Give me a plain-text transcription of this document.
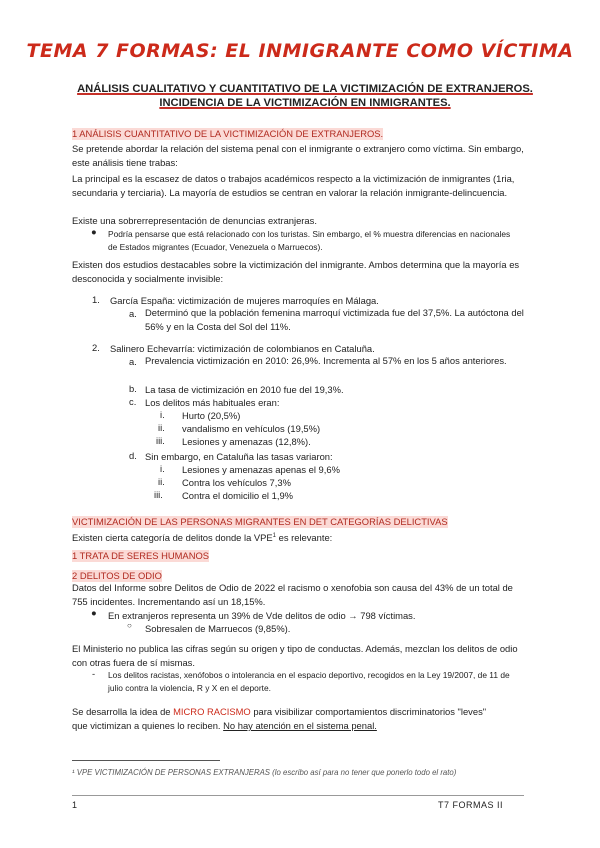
TEMA 7 FORMAS: EL INMIGRANTE COMO VÍCTIMA
ANÁLISIS CUALITATIVO Y CUANTITATIVO DE LA VICTIMIZACIÓN DE EXTRANJEROS.
INCIDENCIA DE LA VICTIMIZACIÓN EN INMIGRANTES.
1 ANÁLISIS CUANTITATIVO DE LA VICTIMIZACIÓN DE EXTRANJEROS.
Se pretende abordar la relación del sistema penal con el inmigrante o extranjero como víctima. Sin embargo, este análisis tiene trabas:
La principal es la escasez de datos o trabajos académicos respecto a la victimización de inmigrantes (1ria, secundaria y terciaria). La mayoría de estudios se centran en valorar la relación inmigrante-delincuencia.
Existe una sobrerrepresentación de denuncias extranjeras.
● Podría pensarse que está relacionado con los turistas. Sin embargo, el % muestra diferencias en nacionales de Estados migrantes (Ecuador, Venezuela o Marruecos).
Existen dos estudios destacables sobre la victimización del inmigrante. Ambos determina que la mayoría es desconocida y socialmente invisible:
1. García España: victimización de mujeres marroquíes en Málaga.
a. Determinó que la población femenina marroquí victimizada fue del 37,5%. La autóctona del 56% y en la Costa del Sol del 11%.
2. Salinero Echevarría: victimización de colombianos en Cataluña.
a. Prevalencia victimización en 2010: 26,9%. Incrementa al 57% en los 5 años anteriores.
b. La tasa de victimización en 2010 fue del 19,3%.
c. Los delitos más habituales eran:
i. Hurto (20,5%)
ii. vandalismo en vehículos (19,5%)
iii. Lesiones y amenazas (12,8%).
d. Sin embargo, en Cataluña las tasas variaron:
i. Lesiones y amenazas apenas el 9,6%
ii. Contra los vehículos 7,3%
iii. Contra el domicilio el 1,9%
VICTIMIZACIÓN DE LAS PERSONAS MIGRANTES EN DET CATEGORÍAS DELICTIVAS
Existen cierta categoría de delitos donde la VPE$^1$ es relevante:
1 TRATA DE SERES HUMANOS
2 DELITOS DE ODIO
Datos del Informe sobre Delitos de Odio de 2022 el racismo o xenofobia son causa del 43% de un total de 755 incidentes. Incrementando así un 18,15%.
● En extranjeros representa un 39% de Vde delitos de odio → 798 víctimas.
○ Sobresalen de Marruecos (9,85%).
El Ministerio no publica las cifras según su origen y tipo de conductas. Además, mezclan los delitos de odio con otras fuera de sí mismas.
- Los delitos racistas, xenófobos o intolerancia en el espacio deportivo, recogidos en la Ley 19/2007, de 11 de julio contra la violencia, R y X en el deporte.
Se desarrolla la idea de MICRO RACISMO para visibilizar comportamientos discriminatorios "leves"
que victimizan a quienes lo reciben. No hay atención en el sistema penal.
¹ VPE VICTIMIZACIÓN DE PERSONAS EXTRANJERAS (lo escribo así para no tener que ponerlo todo el rato)
1	T7 FORMAS II
